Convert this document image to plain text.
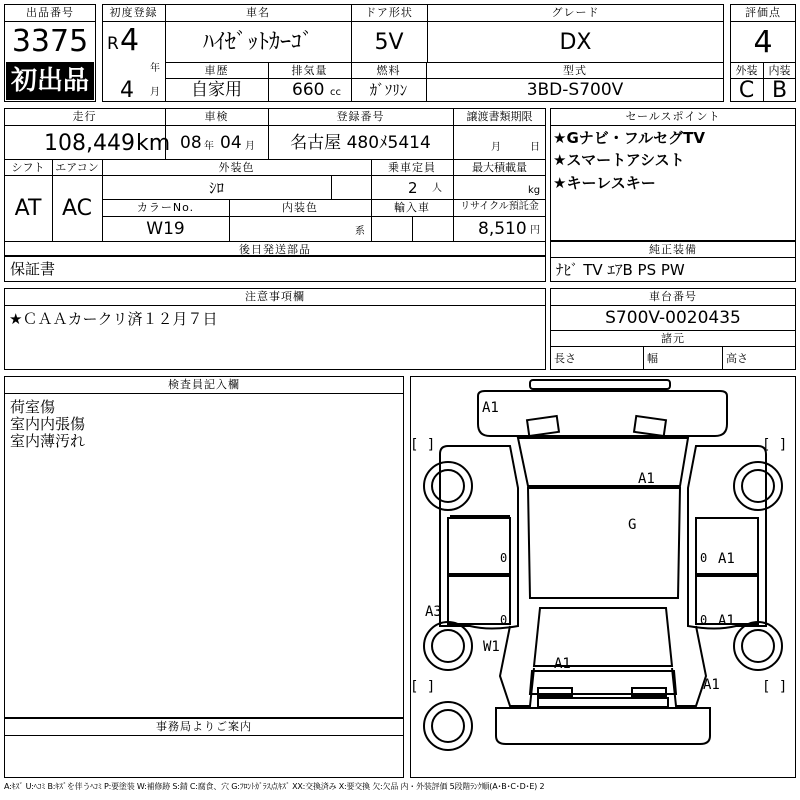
出品番号
3375
初出品
初度登録
R 4
年
4 月
車名
ﾊｲｾﾞｯﾄｶｰｺﾞ
ドア形状
5V
グレード
DX
車歴
自家用
排気量
660 cc
燃料
ｶﾞｿﾘﾝ
型式
3BD-S700V
評価点
4
外装	内装
C B
走行
108,449 km
車検
08 年 04 月
登録番号
名古屋 480ﾒ5414
譲渡書類期限
月	日
シフト
AT
エアコン
AC
外装色
ｼﾛ
乗車定員
2 人
最大積載量
kg
カラーNo.
W19
内装色
系
輸入車	リサイクル預託金
8,510 円
後日発送部品
保証書
セールスポイント
★Gナビ・フルセグTV
★スマートアシスト
★キーレスキー
純正装備
ﾅﾋﾞ TV ｴｱB PS PW
注意事項欄
★ＣＡＡカークリ済１２月７日
車台番号
S700V-0020435
諸元
長さ	幅	高さ
検査員記入欄
荷室傷
室内内張傷
室内薄汚れ
事務局よりご案内
[ ]	[ ]
[ ]	[ ]
A1
A1
G
0	0 A1
A3	0	0
W1
A1
A1
A1
A:ｷｽﾞ U:ﾍｺﾐ B:ｷｽﾞを伴うﾍｺﾐ P:要塗装 W:補修跡 S:錆 C:腐食、穴 G:ﾌﾛﾝﾄｶﾞﾗｽ点ｷｽﾞ XX:交換済み X:要交換 欠:欠品 内・外装評価 5段階ﾗﾝｸ順(A･B･C･D･E) 2
